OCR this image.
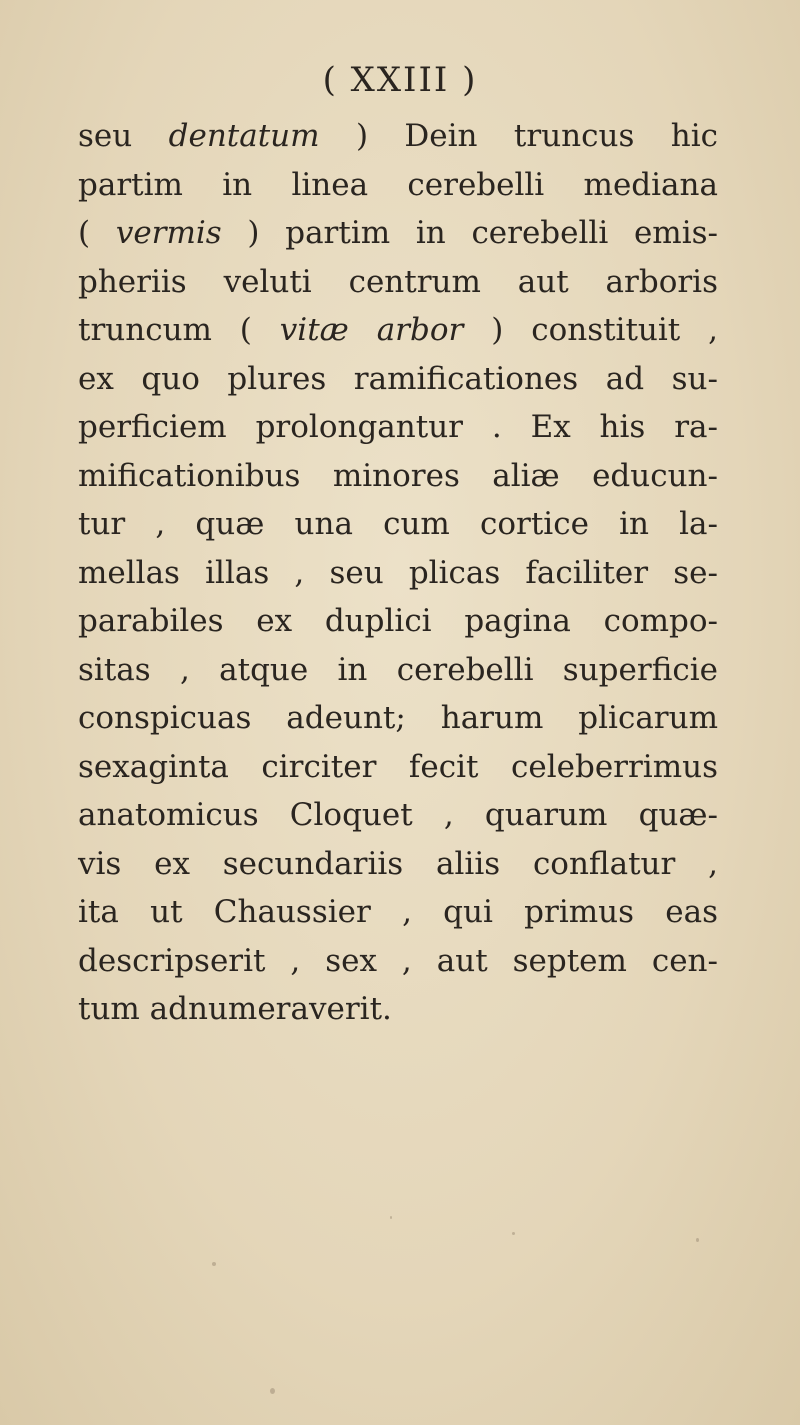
( XXIII )
seu dentatum ) Dein truncus hic
partim in linea cerebelli mediana
( vermis ) partim in cerebelli emis-
pheriis veluti centrum aut arboris
truncum ( vitæ arbor ) constituit ,
ex quo plures ramificationes ad su-
perficiem prolongantur . Ex his ra-
mificationibus minores aliæ educun-
tur , quæ una cum cortice in la-
mellas illas , seu plicas faciliter se-
parabiles ex duplici pagina compo-
sitas , atque in cerebelli superficie
conspicuas adeunt; harum plicarum
sexaginta circiter fecit celeberrimus
anatomicus Cloquet , quarum quæ-
vis ex secundariis aliis conflatur ,
ita ut Chaussier , qui primus eas
descripserit , sex , aut septem cen-
tum adnumeraverit.
